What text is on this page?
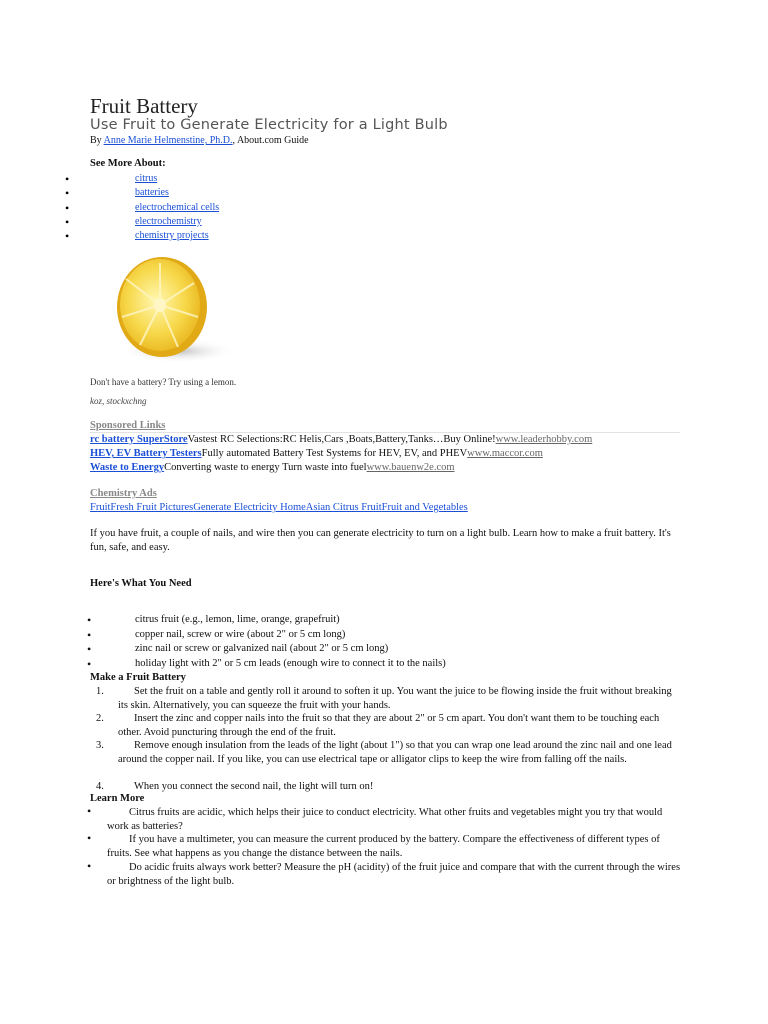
Fruit Battery
Use Fruit to Generate Electricity for a Light Bulb
By Anne Marie Helmenstine, Ph.D., About.com Guide
See More About:
•	citrus
•	batteries
•	electrochemical cells
•	electrochemistry
•	chemistry projects
Don't have a battery? Try using a lemon.
koz, stockxchng
Sponsored Links
rc battery SuperStoreVastest RC Selections:RC Helis,Cars ,Boats,Battery,Tanks…Buy Online!www.leaderhobby.com
HEV, EV Battery TestersFully automated Battery Test Systems for HEV, EV, and PHEVwww.maccor.com
Waste to EnergyConverting waste to energy Turn waste into fuelwww.bauenw2e.com
Chemistry Ads
FruitFresh Fruit PicturesGenerate Electricity HomeAsian Citrus FruitFruit and Vegetables
If you have fruit, a couple of nails, and wire then you can generate electricity to turn on a light bulb. Learn how to make a fruit battery. It's fun, safe, and easy.
Here's What You Need
•	citrus fruit (e.g., lemon, lime, orange, grapefruit)
•	copper nail, screw or wire (about 2" or 5 cm long)
•	zinc nail or screw or galvanized nail (about 2" or 5 cm long)
•	holiday light with 2" or 5 cm leads (enough wire to connect it to the nails)
Make a Fruit Battery
1.	Set the fruit on a table and gently roll it around to soften it up. You want the juice to be flowing inside the fruit without breaking its skin. Alternatively, you can squeeze the fruit with your hands.
2.	Insert the zinc and copper nails into the fruit so that they are about 2" or 5 cm apart. You don't want them to be touching each other. Avoid puncturing through the end of the fruit.
3.	Remove enough insulation from the leads of the light (about 1") so that you can wrap one lead around the zinc nail and one lead around the copper nail. If you like, you can use electrical tape or alligator clips to keep the wire from falling off the nails.
4.	When you connect the second nail, the light will turn on!
Learn More
•	Citrus fruits are acidic, which helps their juice to conduct electricity. What other fruits and vegetables might you try that would work as batteries?
•	If you have a multimeter, you can measure the current produced by the battery. Compare the effectiveness of different types of fruits. See what happens as you change the distance between the nails.
•	Do acidic fruits always work better? Measure the pH (acidity) of the fruit juice and compare that with the current through the wires or brightness of the light bulb.
